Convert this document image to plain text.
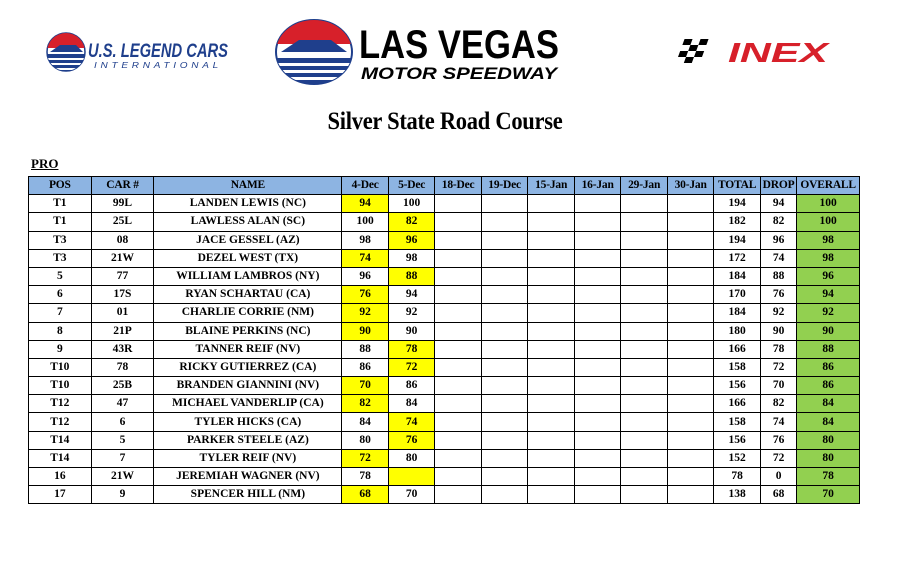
U.S. LEGEND CARS
INTERNATIONAL	LAS VEGAS
MOTOR SPEEDWAY
INEX
Silver State Road Course
PRO
POS	CAR #	NAME	4-Dec	5-Dec	18-Dec	19-Dec	15-Jan	16-Jan	29-Jan	30-Jan	TOTAL	DROP	OVERALL
T1	99L	LANDEN LEWIS (NC)	94	100							194	94	100
T1	25L	LAWLESS ALAN (SC)	100	82							182	82	100
T3	08	JACE GESSEL (AZ)	98	96							194	96	98
T3	21W	DEZEL WEST (TX)	74	98							172	74	98
5	77	WILLIAM LAMBROS (NY)	96	88							184	88	96
6	17S	RYAN SCHARTAU (CA)	76	94							170	76	94
7	01	CHARLIE CORRIE (NM)	92	92							184	92	92
8	21P	BLAINE PERKINS (NC)	90	90							180	90	90
9	43R	TANNER REIF (NV)	88	78							166	78	88
T10	78	RICKY GUTIERREZ (CA)	86	72							158	72	86
T10	25B	BRANDEN GIANNINI (NV)	70	86							156	70	86
T12	47	MICHAEL VANDERLIP (CA)	82	84							166	82	84
T12	6	TYLER HICKS (CA)	84	74							158	74	84
T14	5	PARKER STEELE (AZ)	80	76							156	76	80
T14	7	TYLER REIF (NV)	72	80							152	72	80
16	21W	JEREMIAH WAGNER (NV)	78								78	0	78
17	9	SPENCER HILL (NM)	68	70							138	68	70
